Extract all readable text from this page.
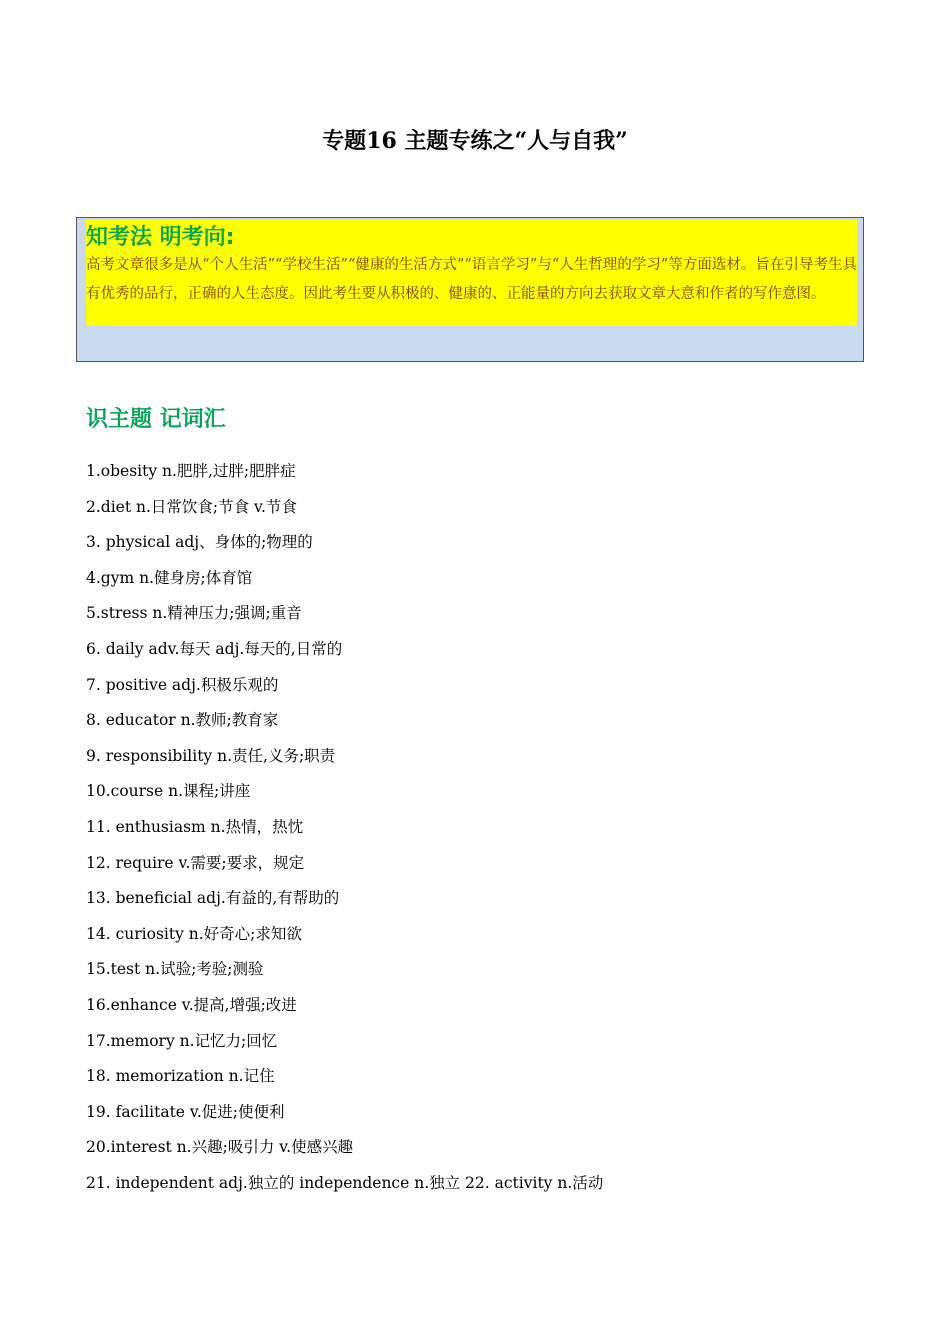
专题16 主题专练之“人与自我”
知考法 明考向:

高考文章很多是从“个人生活”“学校生活”“健康的生活方式”“语言学习”与“人生哲理的学习”等方面选材。旨在引导考生具有优秀的品行，正确的人生态度。因此考生要从积极的、健康的、正能量的方向去获取文章大意和作者的写作意图。

识主题 记词汇
1.obesity n.肥胖,过胖;肥胖症
2.diet n.日常饮食;节食 v.节食
3. physical adj、身体的;物理的
4.gym n.健身房;体育馆
5.stress n.精神压力;强调;重音
6. daily adv.每天 adj.每天的,日常的
7. positive adj.积极乐观的
8. educator n.教师;教育家
9. responsibility n.责任,义务;职责
10.course n.课程;讲座
11. enthusiasm n.热情，热忱
12. require v.需要;要求，规定
13. beneficial adj.有益的,有帮助的
14. curiosity n.好奇心;求知欲
15.test n.试验;考验;测验
16.enhance v.提高,增强;改进
17.memory n.记忆力;回忆
18. memorization n.记住
19. facilitate v.促进;使便利
20.interest n.兴趣;吸引力 v.使感兴趣
21. independent adj.独立的 independence n.独立 22. activity n.活动
